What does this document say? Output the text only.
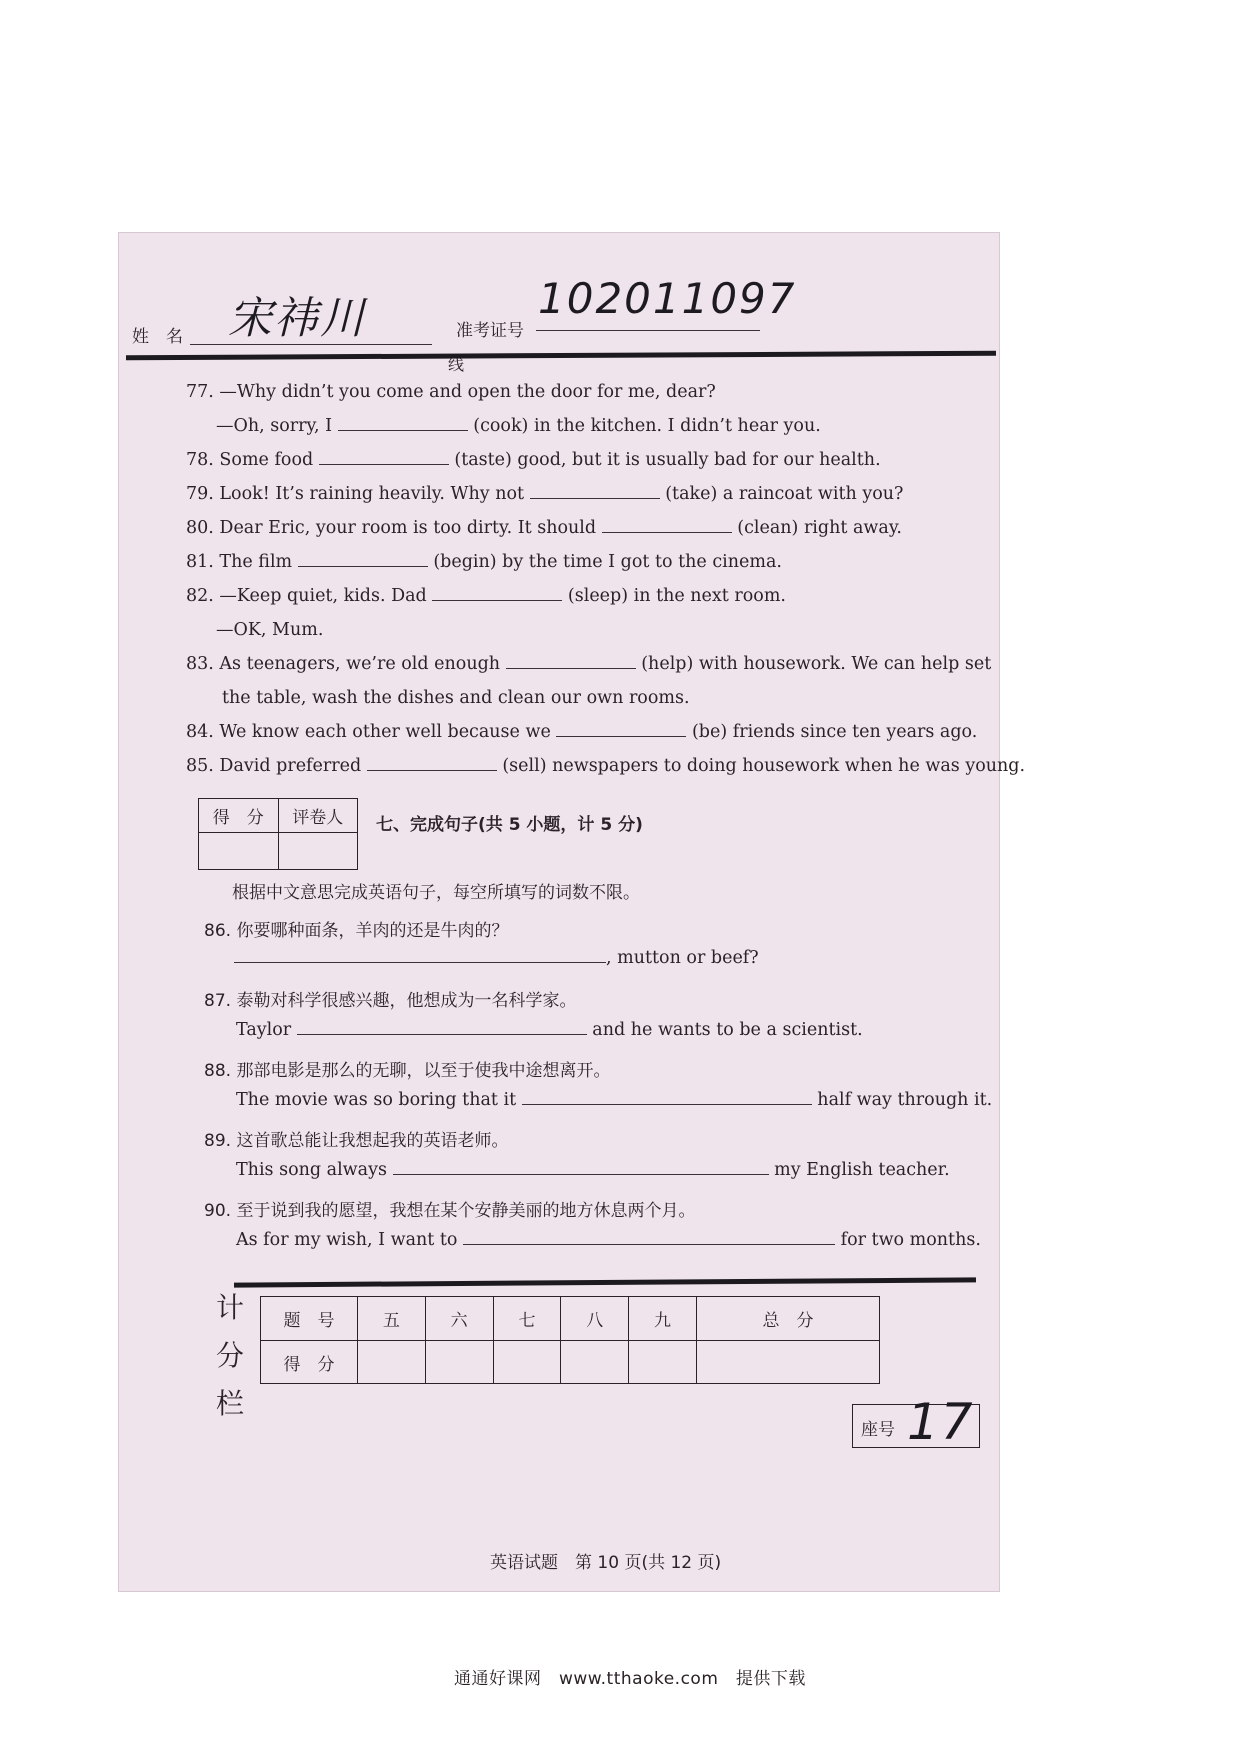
姓　名 宋祎川	准考证号
102011097
线
77. —Why didn’t you come and open the door for me, dear?
—Oh, sorry, I	(cook) in the kitchen. I didn’t hear you.
78. Some food	(taste) good, but it is usually bad for our health.
79. Look! It’s raining heavily. Why not	(take) a raincoat with you?
80. Dear Eric, your room is too dirty. It should	(clean) right away.
81. The film	(begin) by the time I got to the cinema.
82. —Keep quiet, kids. Dad	(sleep) in the next room.
—OK, Mum.
83. As teenagers, we’re old enough	(help) with housework. We can help set
the table, wash the dishes and clean our own rooms.
84. We know each other well because we	(be) friends since ten years ago.
85. David preferred	(sell) newspapers to doing housework when he was young.
得　分	评卷人
	七、完成句子(共 5 小题，计 5 分)
根据中文意思完成英语句子，每空所填写的词数不限。
86. 你要哪种面条，羊肉的还是牛肉的？
, mutton or beef?
87. 泰勒对科学很感兴趣，他想成为一名科学家。
Taylor	and he wants to be a scientist.
88. 那部电影是那么的无聊，以至于使我中途想离开。
The movie was so boring that it	half way through it.
89. 这首歌总能让我想起我的英语老师。
This song always	my English teacher.
90. 至于说到我的愿望，我想在某个安静美丽的地方休息两个月。
As for my wish, I want to	for two months.
计
分
栏
题　号	五	六	七	八	九	总　分
得　分						
座号 17
英语试题　第 10 页(共 12 页)
通通好课网　www.tthaoke.com　提供下载
